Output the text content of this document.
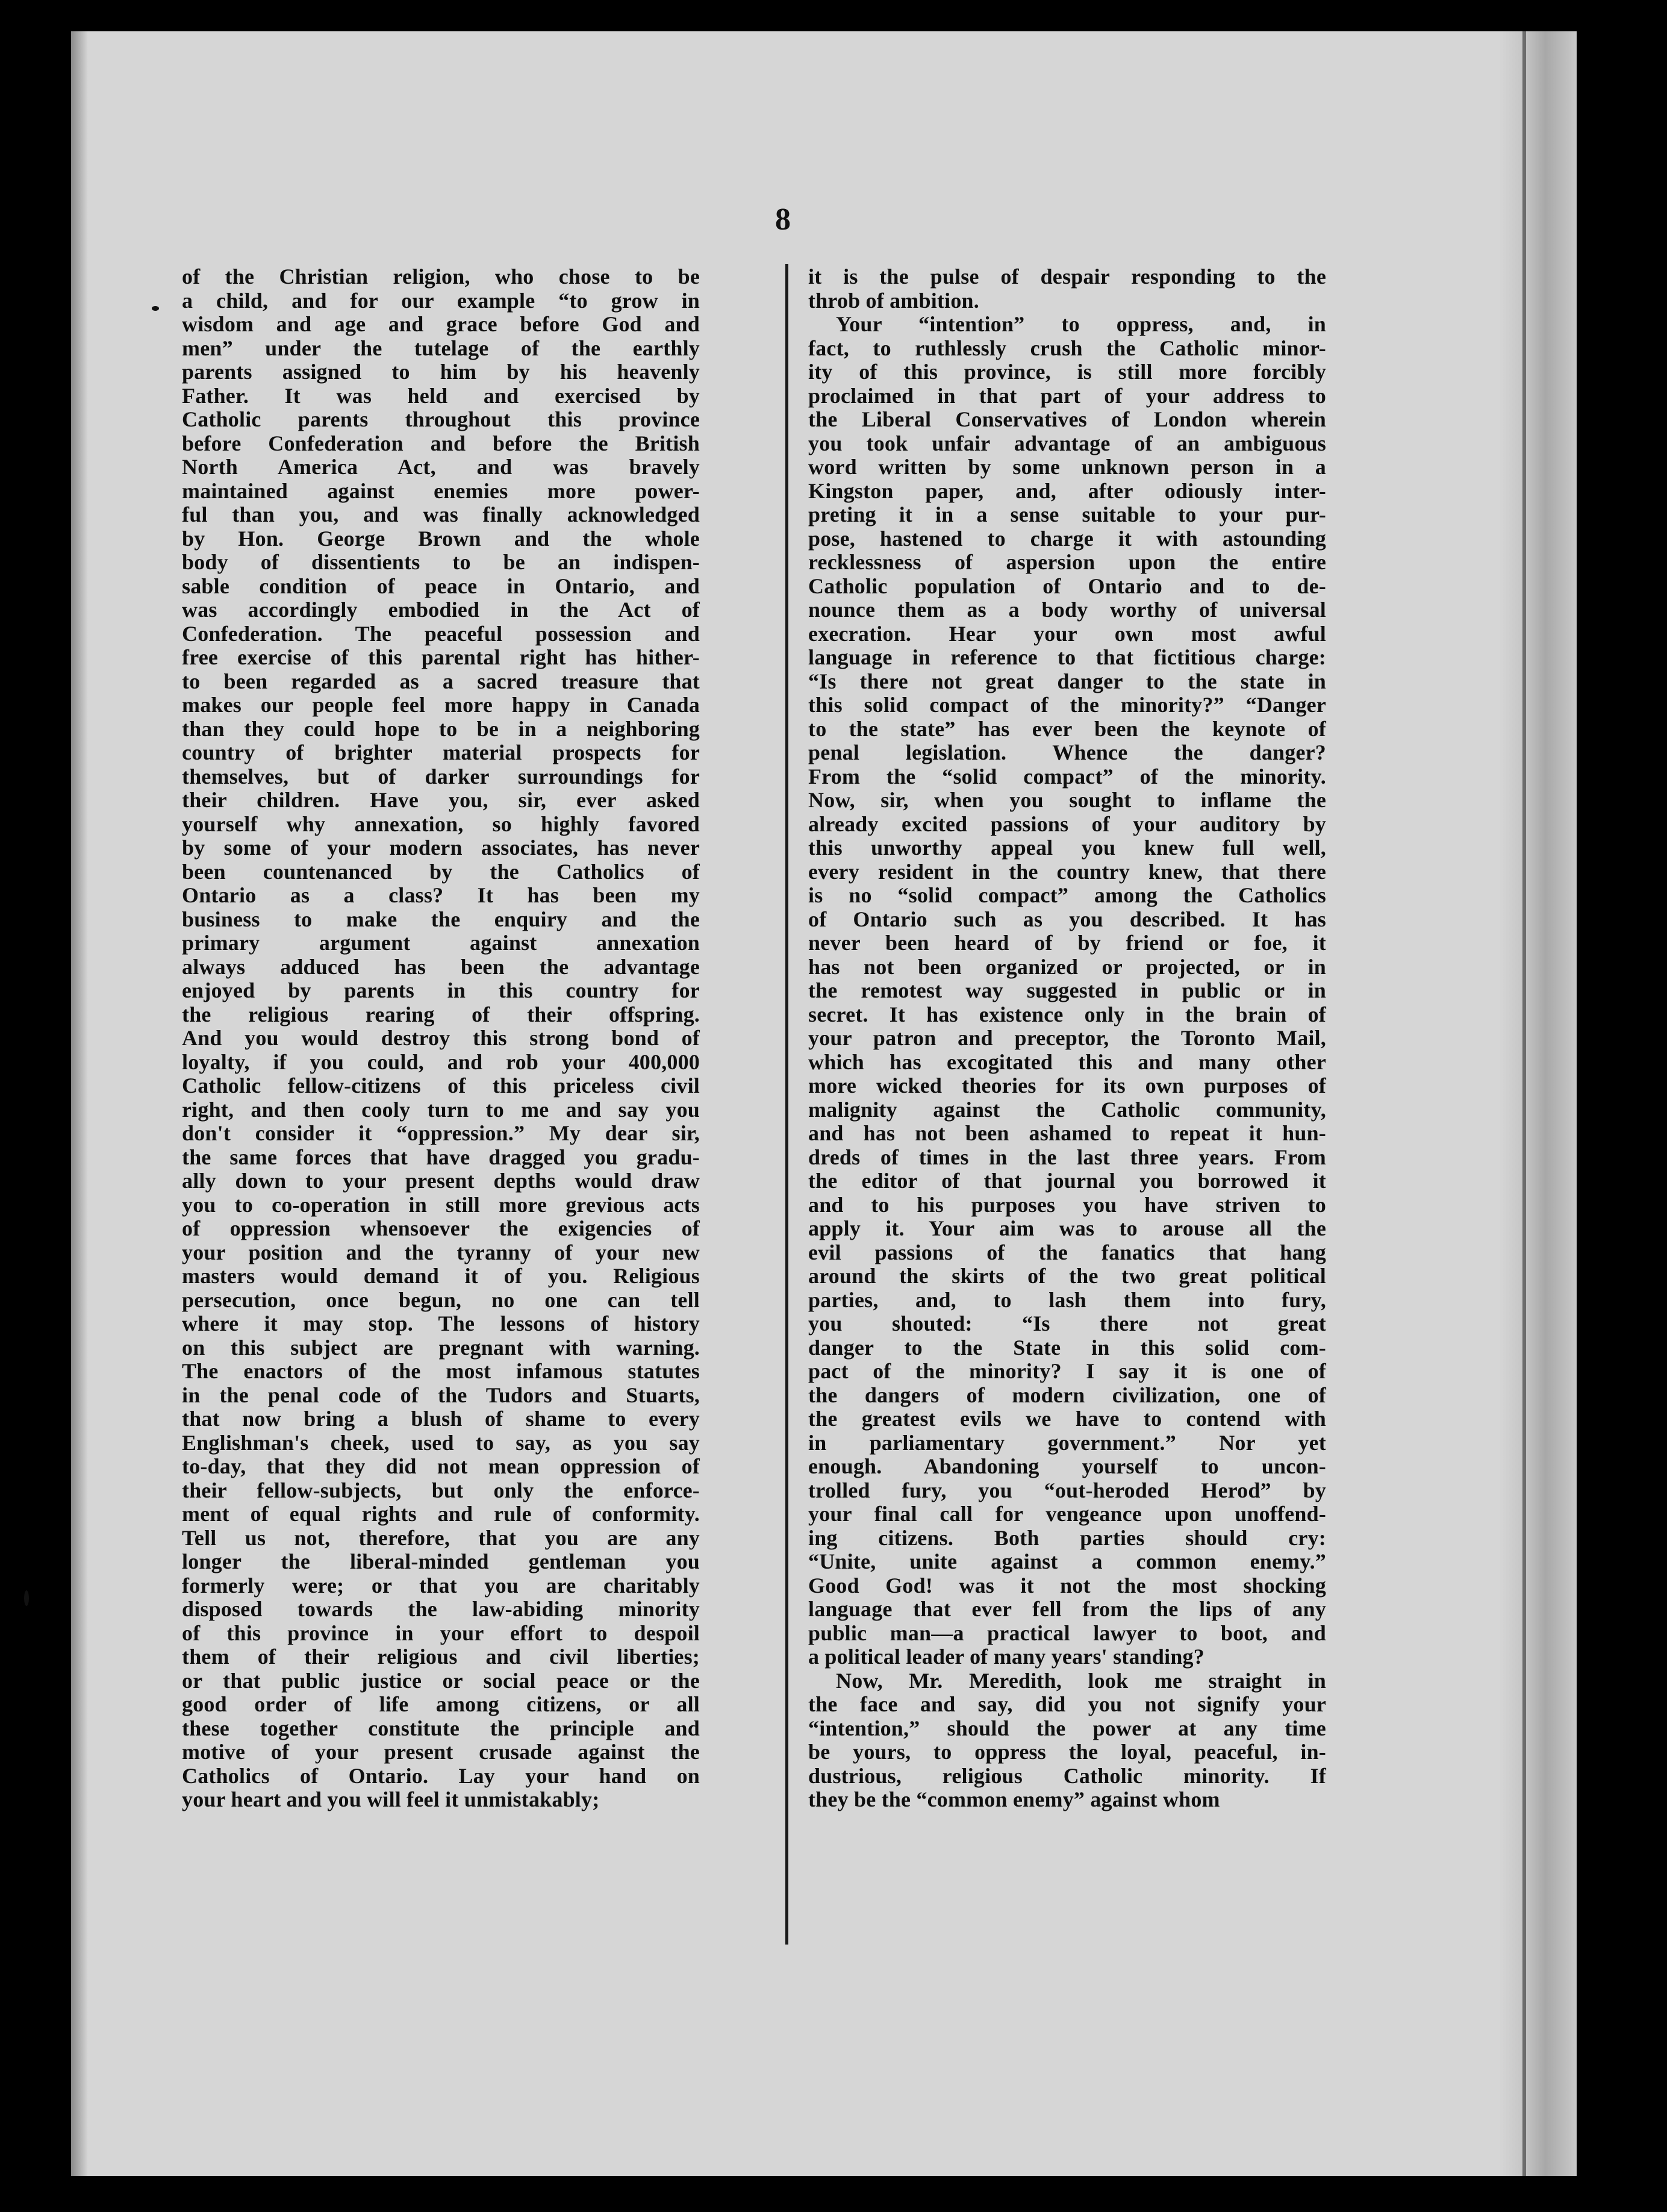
8
of the Christian religion, who chose to be
a child, and for our example “to grow in
wisdom and age and grace before God and
men” under the tutelage of the earthly
parents assigned to him by his heavenly
Father. It was held and exercised by
Catholic parents throughout this province
before Confederation and before the British
North America Act, and was bravely
maintained against enemies more power-
ful than you, and was finally acknowledged
by Hon. George Brown and the whole
body of dissentients to be an indispen-
sable condition of peace in Ontario, and
was accordingly embodied in the Act of
Confederation. The peaceful possession and
free exercise of this parental right has hither-
to been regarded as a sacred treasure that
makes our people feel more happy in Canada
than they could hope to be in a neighboring
country of brighter material prospects for
themselves, but of darker surroundings for
their children. Have you, sir, ever asked
yourself why annexation, so highly favored
by some of your modern associates, has never
been countenanced by the Catholics of
Ontario as a class? It has been my
business to make the enquiry and the
primary argument against annexation
always adduced has been the advantage
enjoyed by parents in this country for
the religious rearing of their offspring.
And you would destroy this strong bond of
loyalty, if you could, and rob your 400,000
Catholic fellow-citizens of this priceless civil
right, and then cooly turn to me and say you
don't consider it “oppression.” My dear sir,
the same forces that have dragged you gradu-
ally down to your present depths would draw
you to co-operation in still more grevious acts
of oppression whensoever the exigencies of
your position and the tyranny of your new
masters would demand it of you. Religious
persecution, once begun, no one can tell
where it may stop. The lessons of history
on this subject are pregnant with warning.
The enactors of the most infamous statutes
in the penal code of the Tudors and Stuarts,
that now bring a blush of shame to every
Englishman's cheek, used to say, as you say
to-day, that they did not mean oppression of
their fellow-subjects, but only the enforce-
ment of equal rights and rule of conformity.
Tell us not, therefore, that you are any
longer the liberal-minded gentleman you
formerly were; or that you are charitably
disposed towards the law-abiding minority
of this province in your effort to despoil
them of their religious and civil liberties;
or that public justice or social peace or the
good order of life among citizens, or all
these together constitute the principle and
motive of your present crusade against the
Catholics of Ontario. Lay your hand on
your heart and you will feel it unmistakably;
it is the pulse of despair responding to the
throb of ambition.
Your “intention” to oppress, and, in
fact, to ruthlessly crush the Catholic minor-
ity of this province, is still more forcibly
proclaimed in that part of your address to
the Liberal Conservatives of London wherein
you took unfair advantage of an ambiguous
word written by some unknown person in a
Kingston paper, and, after odiously inter-
preting it in a sense suitable to your pur-
pose, hastened to charge it with astounding
recklessness of aspersion upon the entire
Catholic population of Ontario and to de-
nounce them as a body worthy of universal
execration. Hear your own most awful
language in reference to that fictitious charge:
“Is there not great danger to the state in
this solid compact of the minority?” “Danger
to the state” has ever been the keynote of
penal legislation. Whence the danger?
From the “solid compact” of the minority.
Now, sir, when you sought to inflame the
already excited passions of your auditory by
this unworthy appeal you knew full well,
every resident in the country knew, that there
is no “solid compact” among the Catholics
of Ontario such as you described. It has
never been heard of by friend or foe, it
has not been organized or projected, or in
the remotest way suggested in public or in
secret. It has existence only in the brain of
your patron and preceptor, the Toronto Mail,
which has excogitated this and many other
more wicked theories for its own purposes of
malignity against the Catholic community,
and has not been ashamed to repeat it hun-
dreds of times in the last three years. From
the editor of that journal you borrowed it
and to his purposes you have striven to
apply it. Your aim was to arouse all the
evil passions of the fanatics that hang
around the skirts of the two great political
parties, and, to lash them into fury,
you shouted: “Is there not great
danger to the State in this solid com-
pact of the minority? I say it is one of
the dangers of modern civilization, one of
the greatest evils we have to contend with
in parliamentary government.” Nor yet
enough. Abandoning yourself to uncon-
trolled fury, you “out-heroded Herod” by
your final call for vengeance upon unoffend-
ing citizens. Both parties should cry:
“Unite, unite against a common enemy.”
Good God! was it not the most shocking
language that ever fell from the lips of any
public man—a practical lawyer to boot, and
a political leader of many years' standing?
Now, Mr. Meredith, look me straight in
the face and say, did you not signify your
“intention,” should the power at any time
be yours, to oppress the loyal, peaceful, in-
dustrious, religious Catholic minority. If
they be the “common enemy” against whom
